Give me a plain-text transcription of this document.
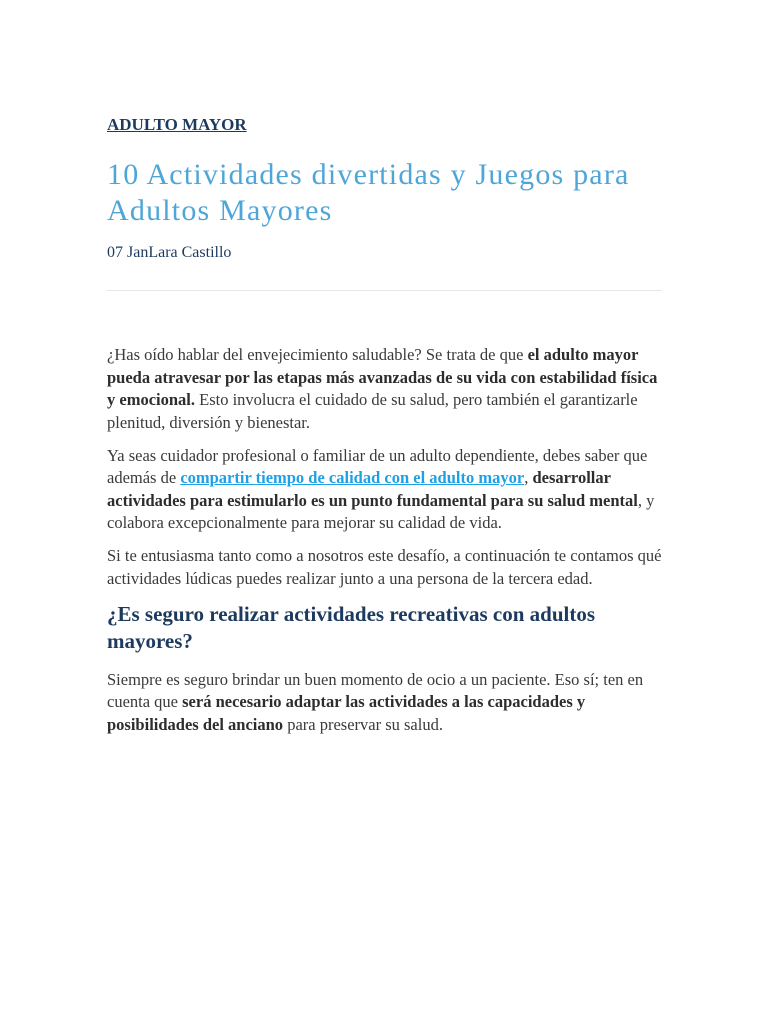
ADULTO MAYOR
10 Actividades divertidas y Juegos para Adultos Mayores
07 JanLara Castillo

¿Has oído hablar del envejecimiento saludable? Se trata de que el adulto mayor pueda atravesar por las etapas más avanzadas de su vida con estabilidad física y emocional. Esto involucra el cuidado de su salud, pero también el garantizarle plenitud, diversión y bienestar.

Ya seas cuidador profesional o familiar de un adulto dependiente, debes saber que además de compartir tiempo de calidad con el adulto mayor, desarrollar actividades para estimularlo es un punto fundamental para su salud mental, y colabora excepcionalmente para mejorar su calidad de vida.

Si te entusiasma tanto como a nosotros este desafío, a continuación te contamos qué actividades lúdicas puedes realizar junto a una persona de la tercera edad.

¿Es seguro realizar actividades recreativas con adultos mayores?

Siempre es seguro brindar un buen momento de ocio a un paciente. Eso sí; ten en cuenta que será necesario adaptar las actividades a las capacidades y posibilidades del anciano para preservar su salud.
